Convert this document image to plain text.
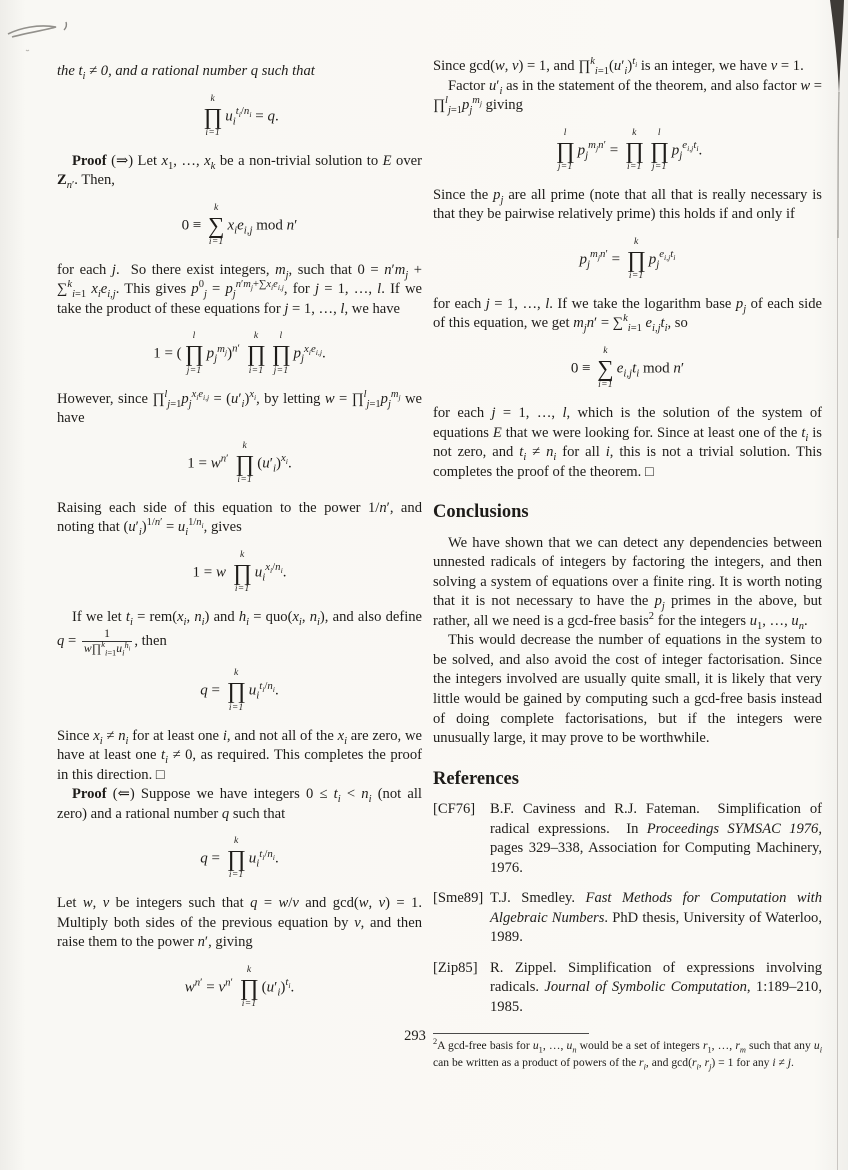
the $t_i \ne 0$, and a rational number q such that

k
∏
i=1
$u_i^{t_i/n_i} = q$.

Proof (⇒) Let $x_1$, …, $x_k$ be a non-trivial solution to E over $Z_{n'}$. Then,

0 ≡
k
∑
i=1
$x_ie_{i,j}$ mod n′

for each j.  So there exist integers, $m_j$, such that $0 = n'm_j + \sum^k_{i=1}$ $x_ie_{i,j}$. This gives $p^0_j = p_j^{n'm_j+\sum x_ie_{i,j}}$, for j = 1, …, l. If we take the product of these equations for j = 1, …, l, we have

1 = (
l
∏
j=1
$p_j^{m_j})^{n'}$
k
∏
i=1
l
∏
j=1
$p_j^{x_ie_{i,j}}$.

However, since $\prod^l_{j=1}p_j^{x_ie_{i,j}} = (u'_i)^{x_i}$, by letting $w = \prod^l_{j=1}p_j^{m_j}$ we have

$1 = w^{n'}$
k
∏
i=1
$(u'_i)^{x_i}$.

Raising each side of this equation to the power 1/n′, and noting that $(u'_i)^{1/n'} = u_i^{1/n_i}$, gives

1 = w
k
∏
i=1
$u_i^{x_i/n_i}$.

If we let $t_i = rem(x_i$, $n_i$) and $h_i = quo(x_i$, $n_i$), and also define $q = \frac{1}{w\prod^k_{i=1}u_i^{h_i}}$ , then

q =
k
∏
i=1
$u_i^{t_i/n_i}$.

Since $x_i \ne n_i$ for at least one i, and not all of the $x_i$ are zero, we have at least one $t_i \ne 0$, as required. This completes the proof in this direction. □

Proof (⇐) Suppose we have integers $0 \le t_i < n_i$ (not all zero) and a rational number q such that

q =
k
∏
i=1
$u_i^{t_i/n_i}$.

Let w, v be integers such that q = w/v and gcd(w, v) = 1. Multiply both sides of the previous equation by v, and then raise them to the power n′, giving

$w^{n'} = v^{n'}$
k
∏
i=1
$(u'_i)^{t_i}$.

Since gcd(w, v) = 1, and $\prod^k_{i=1}(u'_i)^{t_i}$ is an integer, we have v = 1.

Factor $u'_i$ as in the statement of the theorem, and also factor $w = \prod^l_{j=1}p_j^{m_j}$ giving

l
∏
j=1
$p_j^{m_jn'}$ =
k
∏
i=1
l
∏
j=1
$p_j^{e_{i,j}t_i}$.

Since the $p_j$ are all prime (note that all that is really necessary is that they be pairwise relatively prime) this holds if and only if

$p_j^{m_jn'}$ =
k
∏
i=1
$p_j^{e_{i,j}t_i}$

for each j = 1, …, l. If we take the logarithm base $p_j$ of each side of this equation, we get $m_jn' = \sum^k_{i=1}$ $e_{i,j}t_i$, so

0 ≡
k
∑
i=1
$e_{i,j}t_i$ mod n′

for each j = 1, …, l, which is the solution of the system of equations E that we were looking for. Since at least one of the $t_i$ is not zero, and $t_i \ne n_i$ for all i, this is not a trivial solution. This completes the proof of the theorem. □

Conclusions

We have shown that we can detect any dependencies between unnested radicals of integers by factoring the integers, and then solving a system of equations over a finite ring. It is worth noting that it is not necessary to have the $p_j$ primes in the above, but rather, all we need is a gcd-free basis$^2$ for the integers $u_1$, …, $u_n$.

This would decrease the number of equations in the system to be solved, and also avoid the cost of integer factorisation. Since the integers involved are usually quite small, it is likely that very little would be gained by computing such a gcd-free basis instead of doing complete factorisations, but if the integers were unusually large, it may prove to be worthwhile.

References
[CF76]	B.F. Caviness and R.J. Fateman.  Simplification of radical expressions.  In Proceedings SYMSAC 1976, pages 329–338, Association for Computing Machinery, 1976.
[Sme89] T.J. Smedley. Fast Methods for Computation with Algebraic Numbers. PhD thesis, University of Waterloo, 1989.
[Zip85] R. Zippel. Simplification of expressions involving radicals. Journal of Symbolic Computation, 1:189–210, 1985.

$^2$A gcd-free basis for $u_1$, …, $u_n$ would be a set of integers $r_1$, …, $r_m$ such that any $u_i$ can be written as a product of powers of the $r_i$, and $\gcd(r_i$, $r_j) = 1$ for any i ≠ j.

293
